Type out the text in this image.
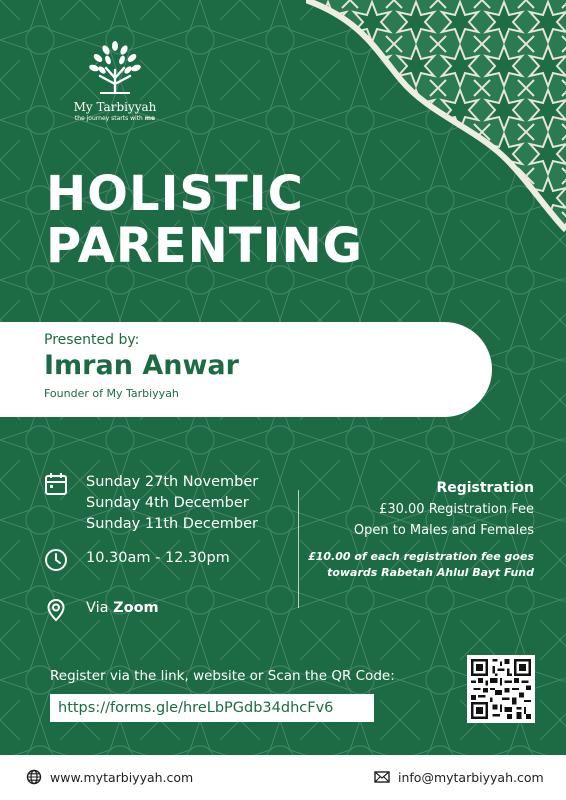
My Tarbiyyah
the journey starts with me
HOLISTIC
PARENTING
Presented by:
Imran Anwar
Founder of My Tarbiyyah
Sunday 27th November
Sunday 4th December
Sunday 11th December
10.30am - 12.30pm
Via Zoom
Registration
£30.00 Registration Fee
Open to Males and Females
£10.00 of each registration fee goes towards Rabetah Ahlul Bayt Fund
Register via the link, website or Scan the QR Code:
https://forms.gle/hreLbPGdb34dhcFv6
www.mytarbiyyah.com	info@mytarbiyyah.com
